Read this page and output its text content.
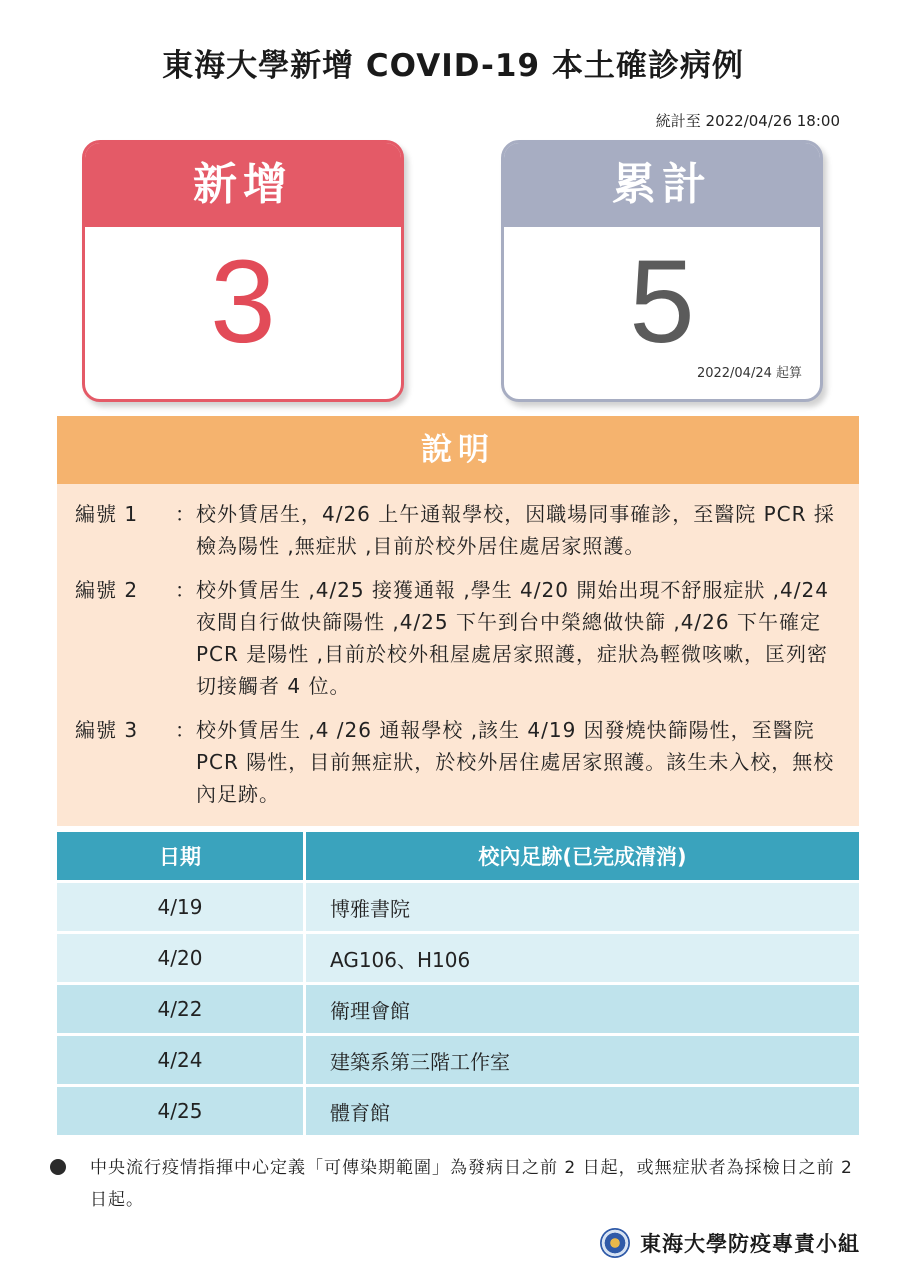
東海大學新增 COVID-19 本土確診病例
統計至 2022/04/26 18:00
新增
3
累計
5
2022/04/24 起算
說明
編號 1	： 校外賃居生，4/26 上午通報學校，因職場同事確診，至醫院 PCR 採檢為陽性 ,無症狀 ,目前於校外居住處居家照護。
編號 2	： 校外賃居生 ,4/25 接獲通報 ,學生 4/20 開始出現不舒服症狀 ,4/24 夜間自行做快篩陽性 ,4/25 下午到台中榮總做快篩 ,4/26 下午確定 PCR 是陽性 ,目前於校外租屋處居家照護，症狀為輕微咳嗽，匡列密切接觸者 4 位。
編號 3	： 校外賃居生 ,4 /26 通報學校 ,該生 4/19 因發燒快篩陽性，至醫院 PCR 陽性，目前無症狀，於校外居住處居家照護。該生未入校，無校內足跡。
日期	校內足跡(已完成清消)
4/19	博雅書院
4/20	AG106、H106
4/22	衛理會館
4/24	建築系第三階工作室
4/25	體育館
中央流行疫情指揮中心定義「可傳染期範圍」為發病日之前 2 日起，或無症狀者為採檢日之前 2 日起。
東海大學防疫專責小組
